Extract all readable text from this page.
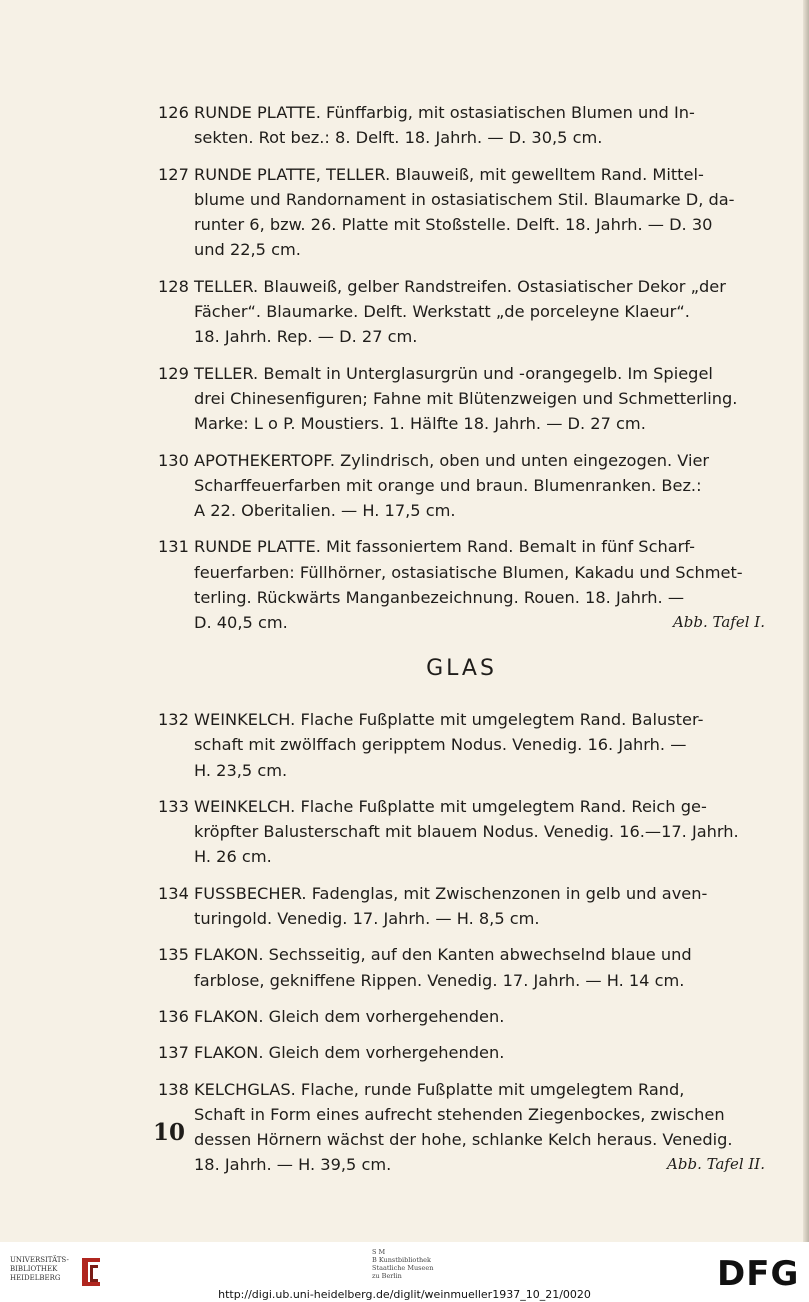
126 RUNDE PLATTE. Fünffarbig, mit ostasiatischen Blumen und In-
sekten. Rot bez.: 8. Delft. 18. Jahrh. — D. 30,5 cm.
127 RUNDE PLATTE, TELLER. Blauweiß, mit gewelltem Rand. Mittel-
blume und Randornament in ostasiatischem Stil. Blaumarke D, da-
runter 6, bzw. 26. Platte mit Stoßstelle. Delft. 18. Jahrh. — D. 30
und 22,5 cm.
128 TELLER. Blauweiß, gelber Randstreifen. Ostasiatischer Dekor „der
Fächer“. Blaumarke. Delft. Werkstatt „de porceleyne Klaeur“.
18. Jahrh. Rep. — D. 27 cm.
129 TELLER. Bemalt in Unterglasurgrün und -orangegelb. Im Spiegel
drei Chinesenfiguren; Fahne mit Blütenzweigen und Schmetterling.
Marke: L o P. Moustiers. 1. Hälfte 18. Jahrh. — D. 27 cm.
130 APOTHEKERTOPF. Zylindrisch, oben und unten eingezogen. Vier
Scharffeuerfarben mit orange und braun. Blumenranken. Bez.:
A 22. Oberitalien. — H. 17,5 cm.
131 RUNDE PLATTE. Mit fassoniertem Rand. Bemalt in fünf Scharf-
feuerfarben: Füllhörner, ostasiatische Blumen, Kakadu und Schmet-
terling. Rückwärts Manganbezeichnung. Rouen. 18. Jahrh. —
Abb. Tafel I.
D. 40,5 cm.
GLAS
132 WEINKELCH. Flache Fußplatte mit umgelegtem Rand. Baluster-
schaft mit zwölffach geripptem Nodus. Venedig. 16. Jahrh. —
H. 23,5 cm.
133 WEINKELCH. Flache Fußplatte mit umgelegtem Rand. Reich ge-
kröpfter Balusterschaft mit blauem Nodus. Venedig. 16.—17. Jahrh.
H. 26 cm.
134 FUSSBECHER. Fadenglas, mit Zwischenzonen in gelb und aven-
turingold. Venedig. 17. Jahrh. — H. 8,5 cm.
135 FLAKON. Sechsseitig, auf den Kanten abwechselnd blaue und
farblose, gekniffene Rippen. Venedig. 17. Jahrh. — H. 14 cm.
136 FLAKON. Gleich dem vorhergehenden.
137 FLAKON. Gleich dem vorhergehenden.
138 KELCHGLAS. Flache, runde Fußplatte mit umgelegtem Rand,
Schaft in Form eines aufrecht stehenden Ziegenbockes, zwischen
dessen Hörnern wächst der hohe, schlanke Kelch heraus. Venedig.
Abb. Tafel II.
18. Jahrh. — H. 39,5 cm.
10
UNIVERSITÄTS-
BIBLIOTHEK
HEIDELBERG
S M
B Kunstbibliothek
Staatliche Museen
zu Berlin	DFG
http://digi.ub.uni-heidelberg.de/diglit/weinmueller1937_10_21/0020
